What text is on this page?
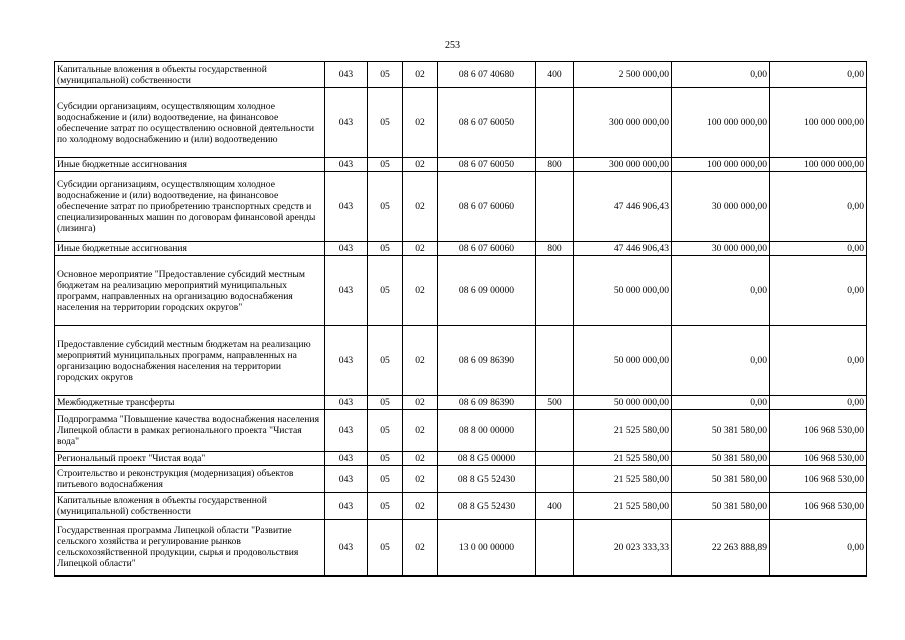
253
Капитальные вложения в объекты государственной (муниципальной) собственности	043	05	02	08 6 07 40680	400	2 500 000,00	0,00	0,00
Субсидии организациям, осуществляющим холодное водоснабжение и (или) водоотведение, на финансовое обеспечение затрат по осуществлению основной деятельности по холодному водоснабжению и (или) водоотведению	043	05	02	08 6 07 60050		300 000 000,00	100 000 000,00	100 000 000,00
Иные бюджетные ассигнования	043	05	02	08 6 07 60050	800	300 000 000,00	100 000 000,00	100 000 000,00
Субсидии организациям, осуществляющим холодное водоснабжение и (или) водоотведение, на финансовое обеспечение затрат по приобретению транспортных средств и специализированных машин по договорам финансовой аренды (лизинга)	043	05	02	08 6 07 60060		47 446 906,43	30 000 000,00	0,00
Иные бюджетные ассигнования	043	05	02	08 6 07 60060	800	47 446 906,43	30 000 000,00	0,00
Основное мероприятие "Предоставление субсидий местным бюджетам на реализацию мероприятий муниципальных программ, направленных на организацию водоснабжения населения на территории городских округов"	043	05	02	08 6 09 00000		50 000 000,00	0,00	0,00
Предоставление субсидий местным бюджетам на реализацию мероприятий муниципальных программ, направленных на организацию водоснабжения населения на территории городских округов	043	05	02	08 6 09 86390		50 000 000,00	0,00	0,00
Межбюджетные трансферты	043	05	02	08 6 09 86390	500	50 000 000,00	0,00	0,00
Подпрограмма "Повышение качества водоснабжения населения Липецкой области в рамках регионального проекта "Чистая вода"	043	05	02	08 8 00 00000		21 525 580,00	50 381 580,00	106 968 530,00
Региональный проект "Чистая вода"	043	05	02	08 8 G5 00000		21 525 580,00	50 381 580,00	106 968 530,00
Строительство и реконструкция (модернизация) объектов питьевого водоснабжения	043	05	02	08 8 G5 52430		21 525 580,00	50 381 580,00	106 968 530,00
Капитальные вложения в объекты государственной (муниципальной) собственности	043	05	02	08 8 G5 52430	400	21 525 580,00	50 381 580,00	106 968 530,00
Государственная программа Липецкой области "Развитие сельского хозяйства и регулирование рынков сельскохозяйственной продукции, сырья и продовольствия Липецкой области"	043	05	02	13 0 00 00000		20 023 333,33	22 263 888,89	0,00
